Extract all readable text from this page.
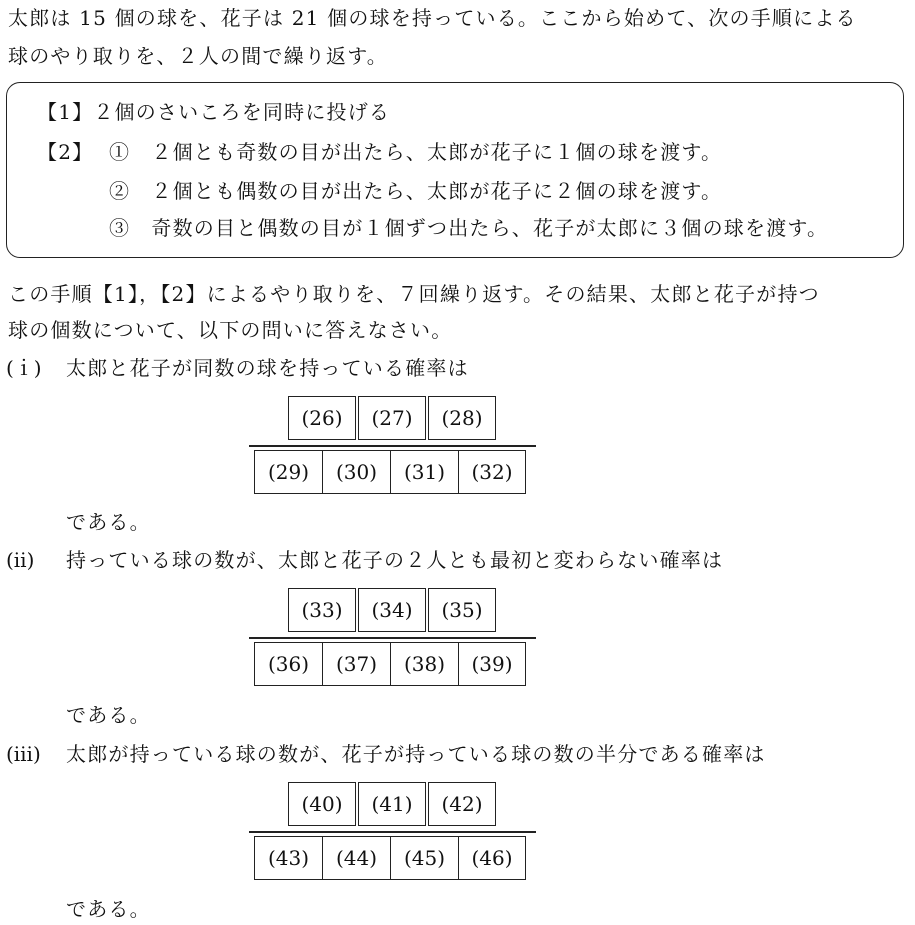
太郎は 15 個の球を、花子は 21 個の球を持っている。ここから始めて、次の手順による
球のやり取りを、２人の間で繰り返す。
【1】２個のさいころを同時に投げる
【2】 ①　２個とも奇数の目が出たら、太郎が花子に１個の球を渡す。
②　２個とも偶数の目が出たら、太郎が花子に２個の球を渡す。
③　奇数の目と偶数の目が１個ずつ出たら、花子が太郎に３個の球を渡す。
この手順【1】，【2】によるやり取りを、７回繰り返す。その結果、太郎と花子が持つ
球の個数について、以下の問いに答えなさい。
(ｉ) 太郎と花子が同数の球を持っている確率は
(26)	(27)	(28)
(29)	(30)	(31)	(32)
である。
(ⅱ) 持っている球の数が、太郎と花子の２人とも最初と変わらない確率は
(33)	(34)	(35)
(36)	(37)	(38)	(39)
である。
(ⅲ) 太郎が持っている球の数が、花子が持っている球の数の半分である確率は
(40)	(41)	(42)
(43)	(44)	(45)	(46)
である。
